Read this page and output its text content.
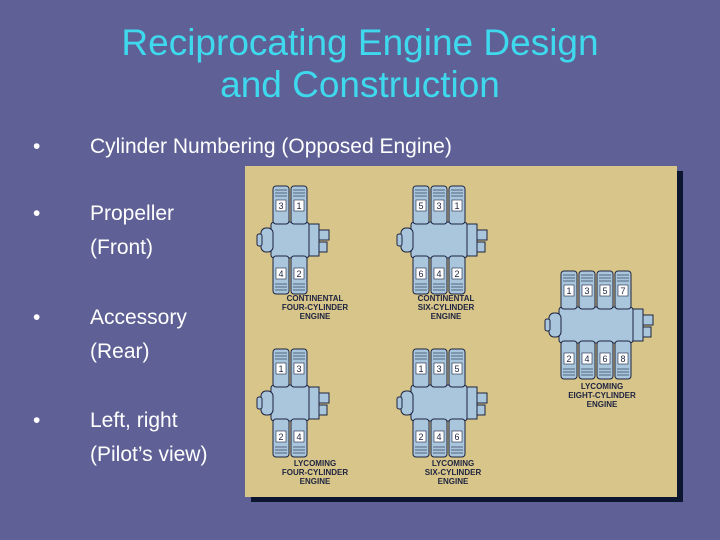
Reciprocating Engine Design
and Construction
• Cylinder Numbering (Opposed Engine)
• Propeller
(Front)
• Accessory
(Rear)
• Left, right
(Pilot’s view)
3
4
1
2
5
6
3
4
1
2
1
2
3
4
1
2
3
4
5
6
1
2
3
4
5
6
7
8
CONTINENTAL
FOUR-CYLINDER
ENGINE
CONTINENTAL
SIX-CYLINDER
ENGINE
LYCOMING
FOUR-CYLINDER
ENGINE
LYCOMING
SIX-CYLINDER
ENGINE
LYCOMING
EIGHT-CYLINDER
ENGINE
